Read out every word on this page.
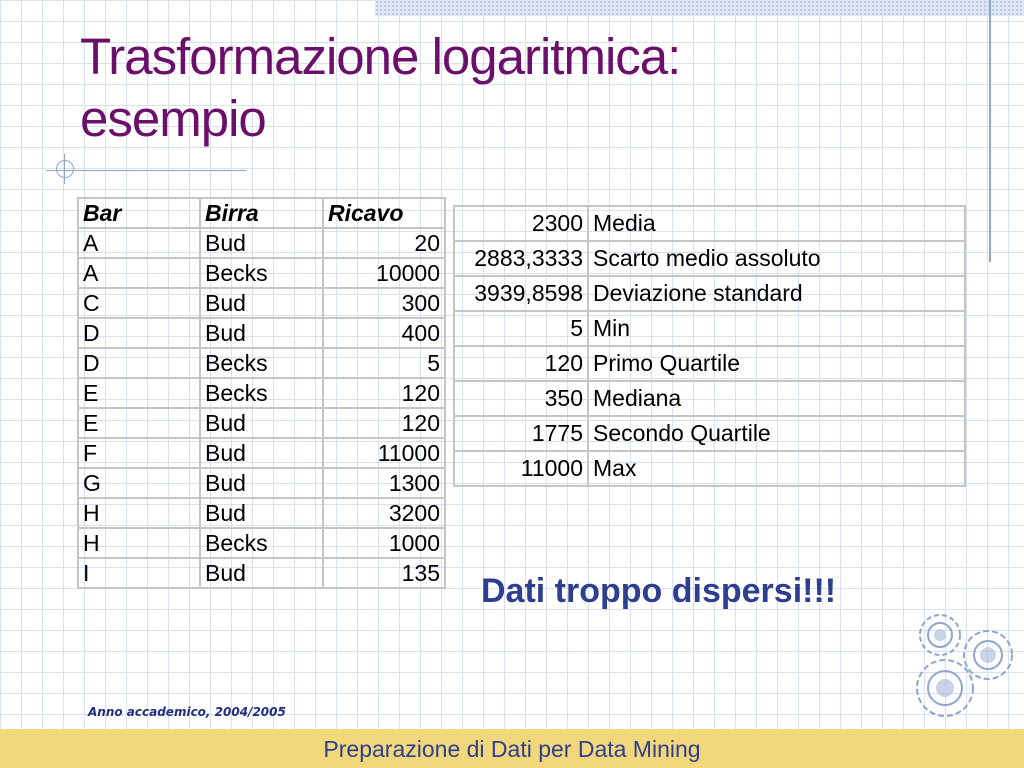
Trasformazione logaritmica:
esempio
Bar	Birra	Ricavo
A	Bud	20
A	Becks	10000
C	Bud	300
D	Bud	400
D	Becks	5
E	Becks	120
E	Bud	120
F	Bud	11000
G	Bud	1300
H	Bud	3200
H	Becks	1000
I	Bud	135
2300	Media
2883,3333	Scarto medio assoluto
3939,8598	Deviazione standard
5	Min
120	Primo Quartile
350	Mediana
1775	Secondo Quartile
11000	Max

Dati troppo dispersi!!!

Anno accademico, 2004/2005
Preparazione di Dati per Data Mining
